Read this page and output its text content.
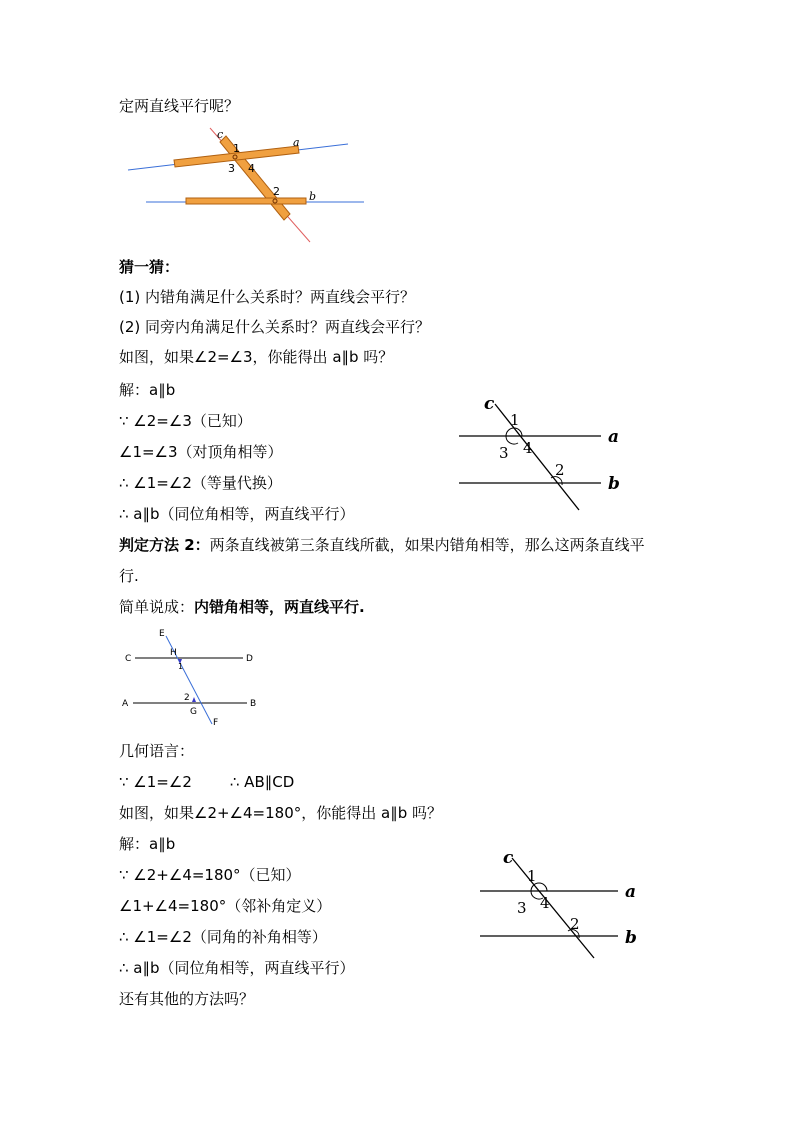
定两直线平行呢？
猜一猜：
(1) 内错角满足什么关系时？两直线会平行？
(2) 同旁内角满足什么关系时？两直线会平行？
如图，如果∠2=∠3，你能得出 a∥b 吗？
解：a∥b
∵ ∠2=∠3（已知）
∠1=∠3（对顶角相等）
∴ ∠1=∠2（等量代换）
∴ a∥b（同位角相等，两直线平行）
判定方法 2：两条直线被第三条直线所截，如果内错角相等，那么这两条直线平
行.
简单说成：内错角相等，两直线平行.
几何语言：
∵ ∠1=∠2	∴ AB∥CD
如图，如果∠2+∠4=180°，你能得出 a∥b 吗？
解：a∥b
∵ ∠2+∠4=180°（已知）
∠1+∠4=180°（邻补角定义）
∴ ∠1=∠2（同角的补角相等）
∴ a∥b（同位角相等，两直线平行）
还有其他的方法吗？
c
a
b
1
2
3 4
c
a
b
1
2
3 4
E
C
H
D
1
2
A	B
G
F
c
a
b
1
2
3 4
